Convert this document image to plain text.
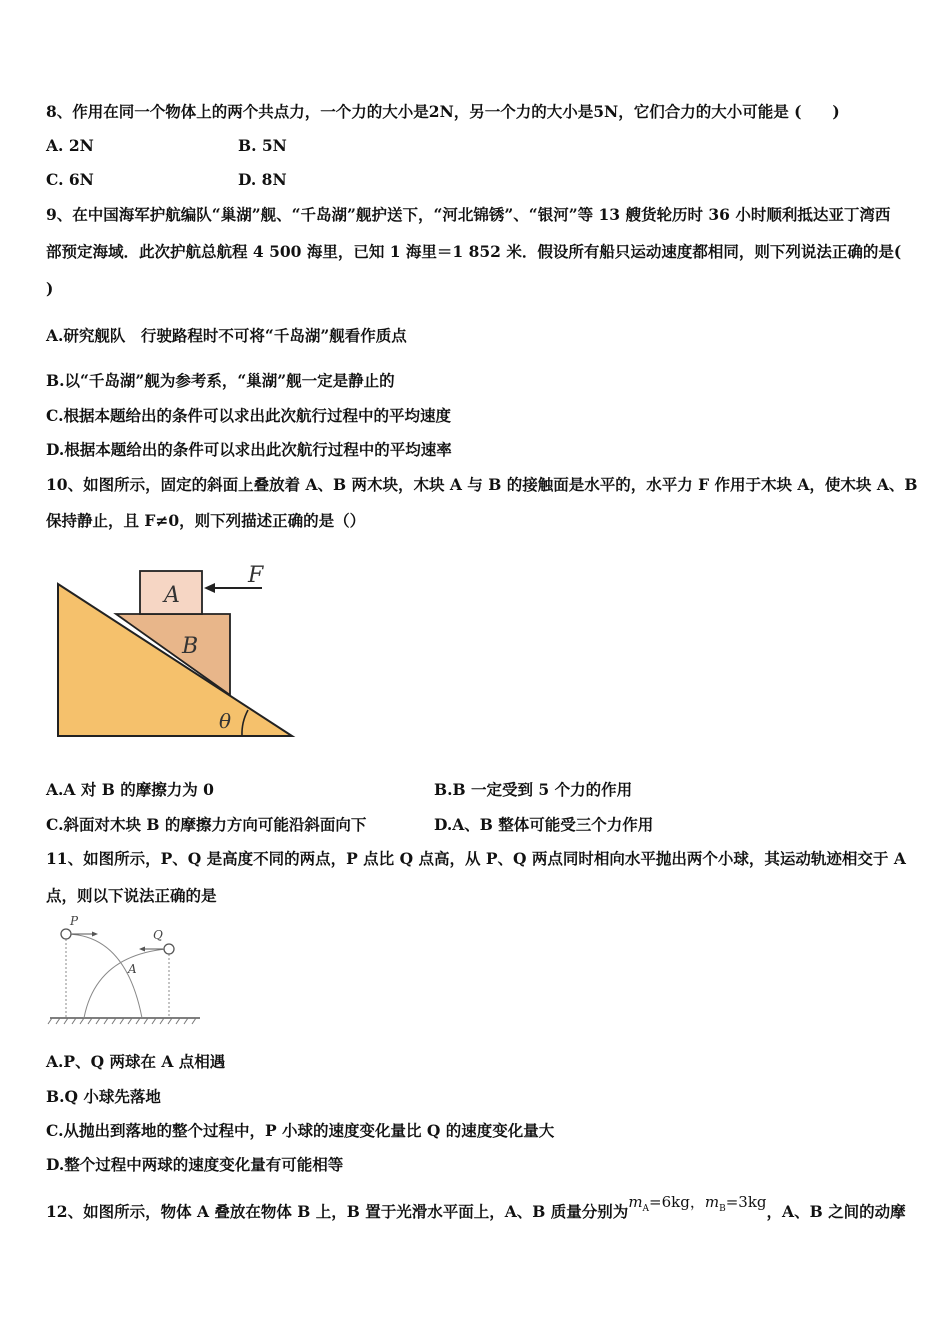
8、作用在同一个物体上的两个共点力，一个力的大小是2N，另一个力的大小是5N，它们合力的大小可能是 (　　)
A. 2N	B. 5N
C. 6N	D. 8N
9、在中国海军护航编队“巢湖”舰、“千岛湖”舰护送下，“河北锦锈”、“银河”等 13 艘货轮历时 36 小时顺利抵达亚丁湾西
部预定海域．此次护航总航程 4 500 海里，已知 1 海里＝1 852 米．假设所有船只运动速度都相同，则下列说法正确的是(
)
A.研究舰队　行驶路程时不可将“千岛湖”舰看作质点
B.以“千岛湖”舰为参考系，“巢湖”舰一定是静止的
C.根据本题给出的条件可以求出此次航行过程中的平均速度
D.根据本题给出的条件可以求出此次航行过程中的平均速率
10、如图所示，固定的斜面上叠放着 A、B 两木块，木块 A 与 B 的接触面是水平的，水平力 F 作用于木块 A，使木块 A、B
保持静止，且 F≠0，则下列描述正确的是（）
A
B
F
θ
A.A 对 B 的摩擦力为 0	B.B 一定受到 5 个力的作用
C.斜面对木块 B 的摩擦力方向可能沿斜面向下	D.A、B 整体可能受三个力作用
11、如图所示，P、Q 是高度不同的两点，P 点比 Q 点高，从 P、Q 两点同时相向水平抛出两个小球，其运动轨迹相交于 A
点，则以下说法正确的是
P
Q
A
A.P、Q 两球在 A 点相遇
B.Q 小球先落地
C.从抛出到落地的整个过程中，P 小球的速度变化量比 Q 的速度变化量大
D.整个过程中两球的速度变化量有可能相等
12、如图所示，物体 A 叠放在物体 B 上，B 置于光滑水平面上，A、B 质量分别为$m_A=6kg$，$m_B=3kg$，A、B 之间的动摩
